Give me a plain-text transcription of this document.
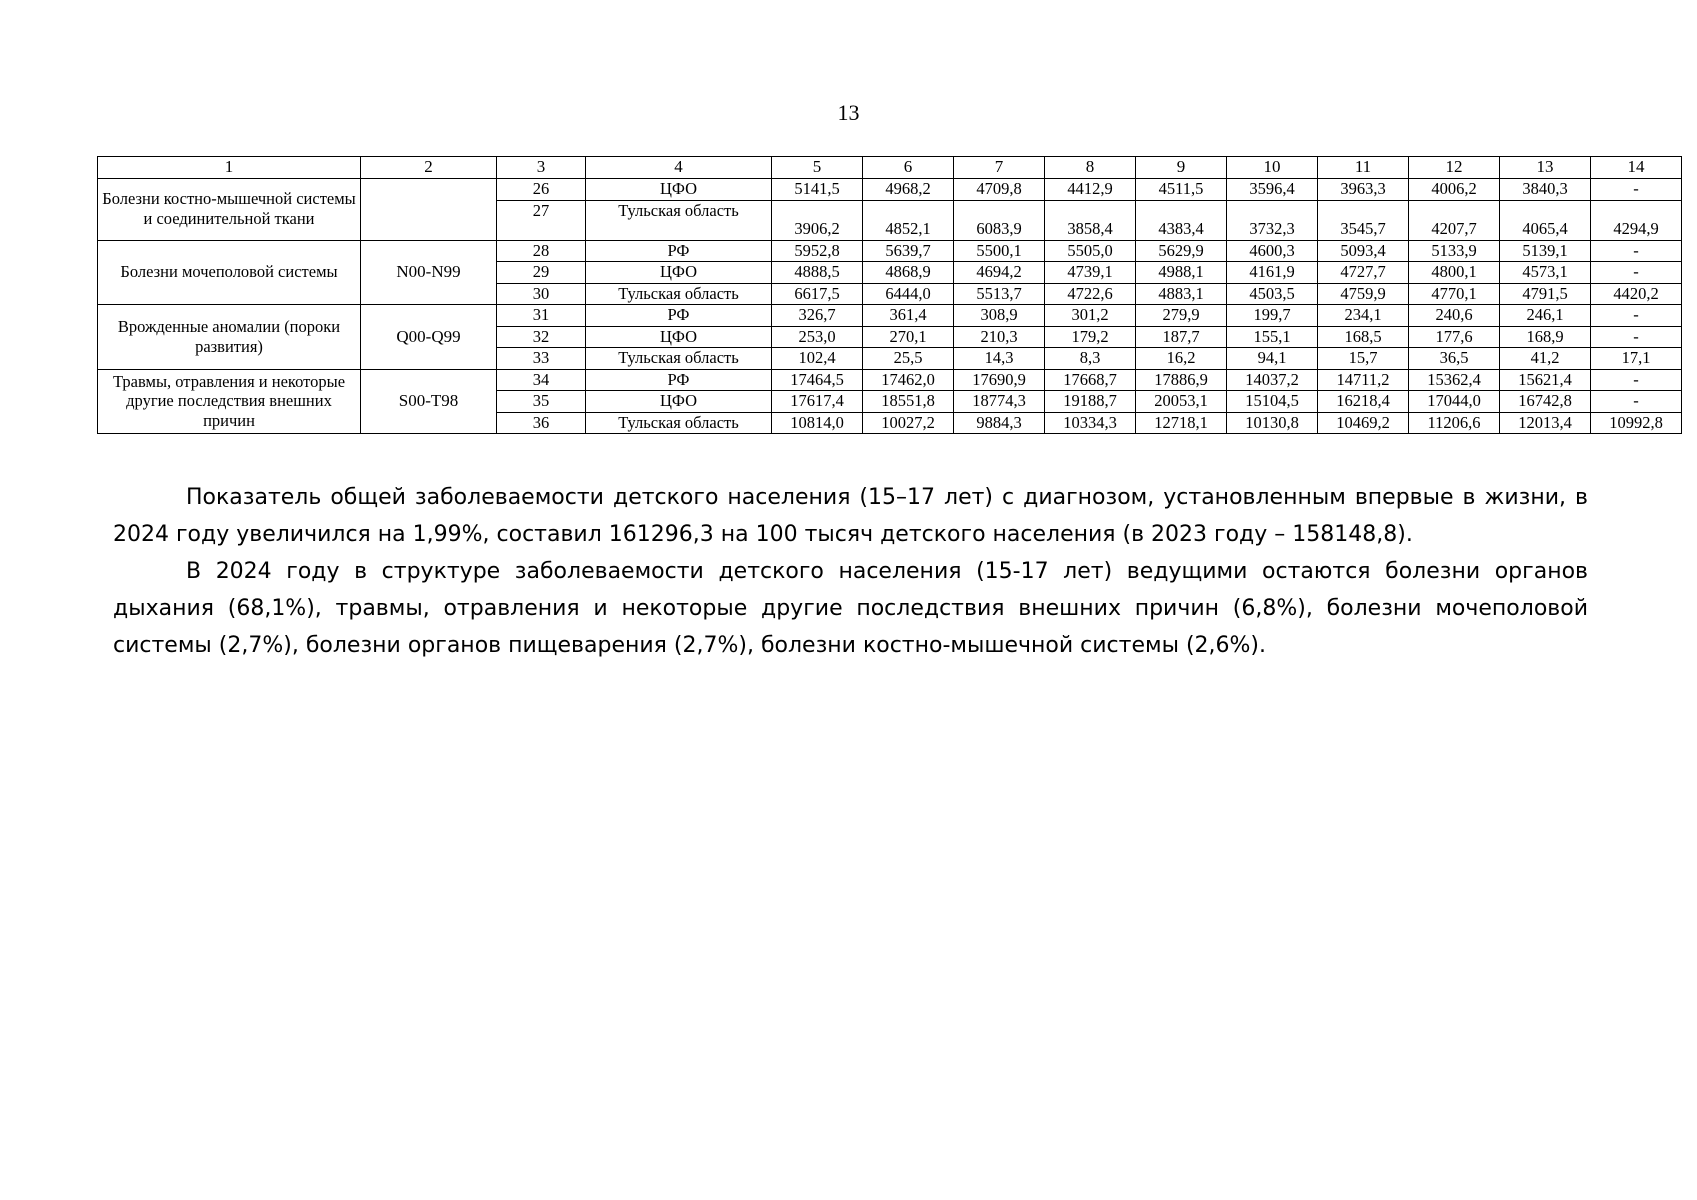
13
1	2	3	4	5	6	7	8	9	10	11	12	13	14
Болезни костно-мышечной системы и соединительной ткани		26	ЦФО	5141,5	4968,2	4709,8	4412,9	4511,5	3596,4	3963,3	4006,2	3840,3	-
		27	Тульская область	3906,2	4852,1	6083,9	3858,4	4383,4	3732,3	3545,7	4207,7	4065,4	4294,9
Болезни мочеполовой системы	N00-N99	28	РФ	5952,8	5639,7	5500,1	5505,0	5629,9	4600,3	5093,4	5133,9	5139,1	-
		29	ЦФО	4888,5	4868,9	4694,2	4739,1	4988,1	4161,9	4727,7	4800,1	4573,1	-
		30	Тульская область	6617,5	6444,0	5513,7	4722,6	4883,1	4503,5	4759,9	4770,1	4791,5	4420,2
Врожденные аномалии (пороки развития)	Q00-Q99	31	РФ	326,7	361,4	308,9	301,2	279,9	199,7	234,1	240,6	246,1	-
		32	ЦФО	253,0	270,1	210,3	179,2	187,7	155,1	168,5	177,6	168,9	-
		33	Тульская область	102,4	25,5	14,3	8,3	16,2	94,1	15,7	36,5	41,2	17,1
Травмы, отравления и некоторые другие последствия внешних причин	S00-T98	34	РФ	17464,5	17462,0	17690,9	17668,7	17886,9	14037,2	14711,2	15362,4	15621,4	-
		35	ЦФО	17617,4	18551,8	18774,3	19188,7	20053,1	15104,5	16218,4	17044,0	16742,8	-
		36	Тульская область	10814,0	10027,2	9884,3	10334,3	12718,1	10130,8	10469,2	11206,6	12013,4	10992,8

Показатель общей заболеваемости детского населения (15–17 лет) с диагнозом, установленным впервые в жизни, в 2024 году увеличился на 1,99%, составил 161296,3 на 100 тысяч детского населения (в 2023 году – 158148,8).

В 2024 году в структуре заболеваемости детского населения (15-17 лет) ведущими остаются болезни органов дыхания (68,1%), травмы, отравления и некоторые другие последствия внешних причин (6,8%), болезни мочеполовой системы (2,7%), болезни органов пищеварения (2,7%), болезни костно-мышечной системы (2,6%).
